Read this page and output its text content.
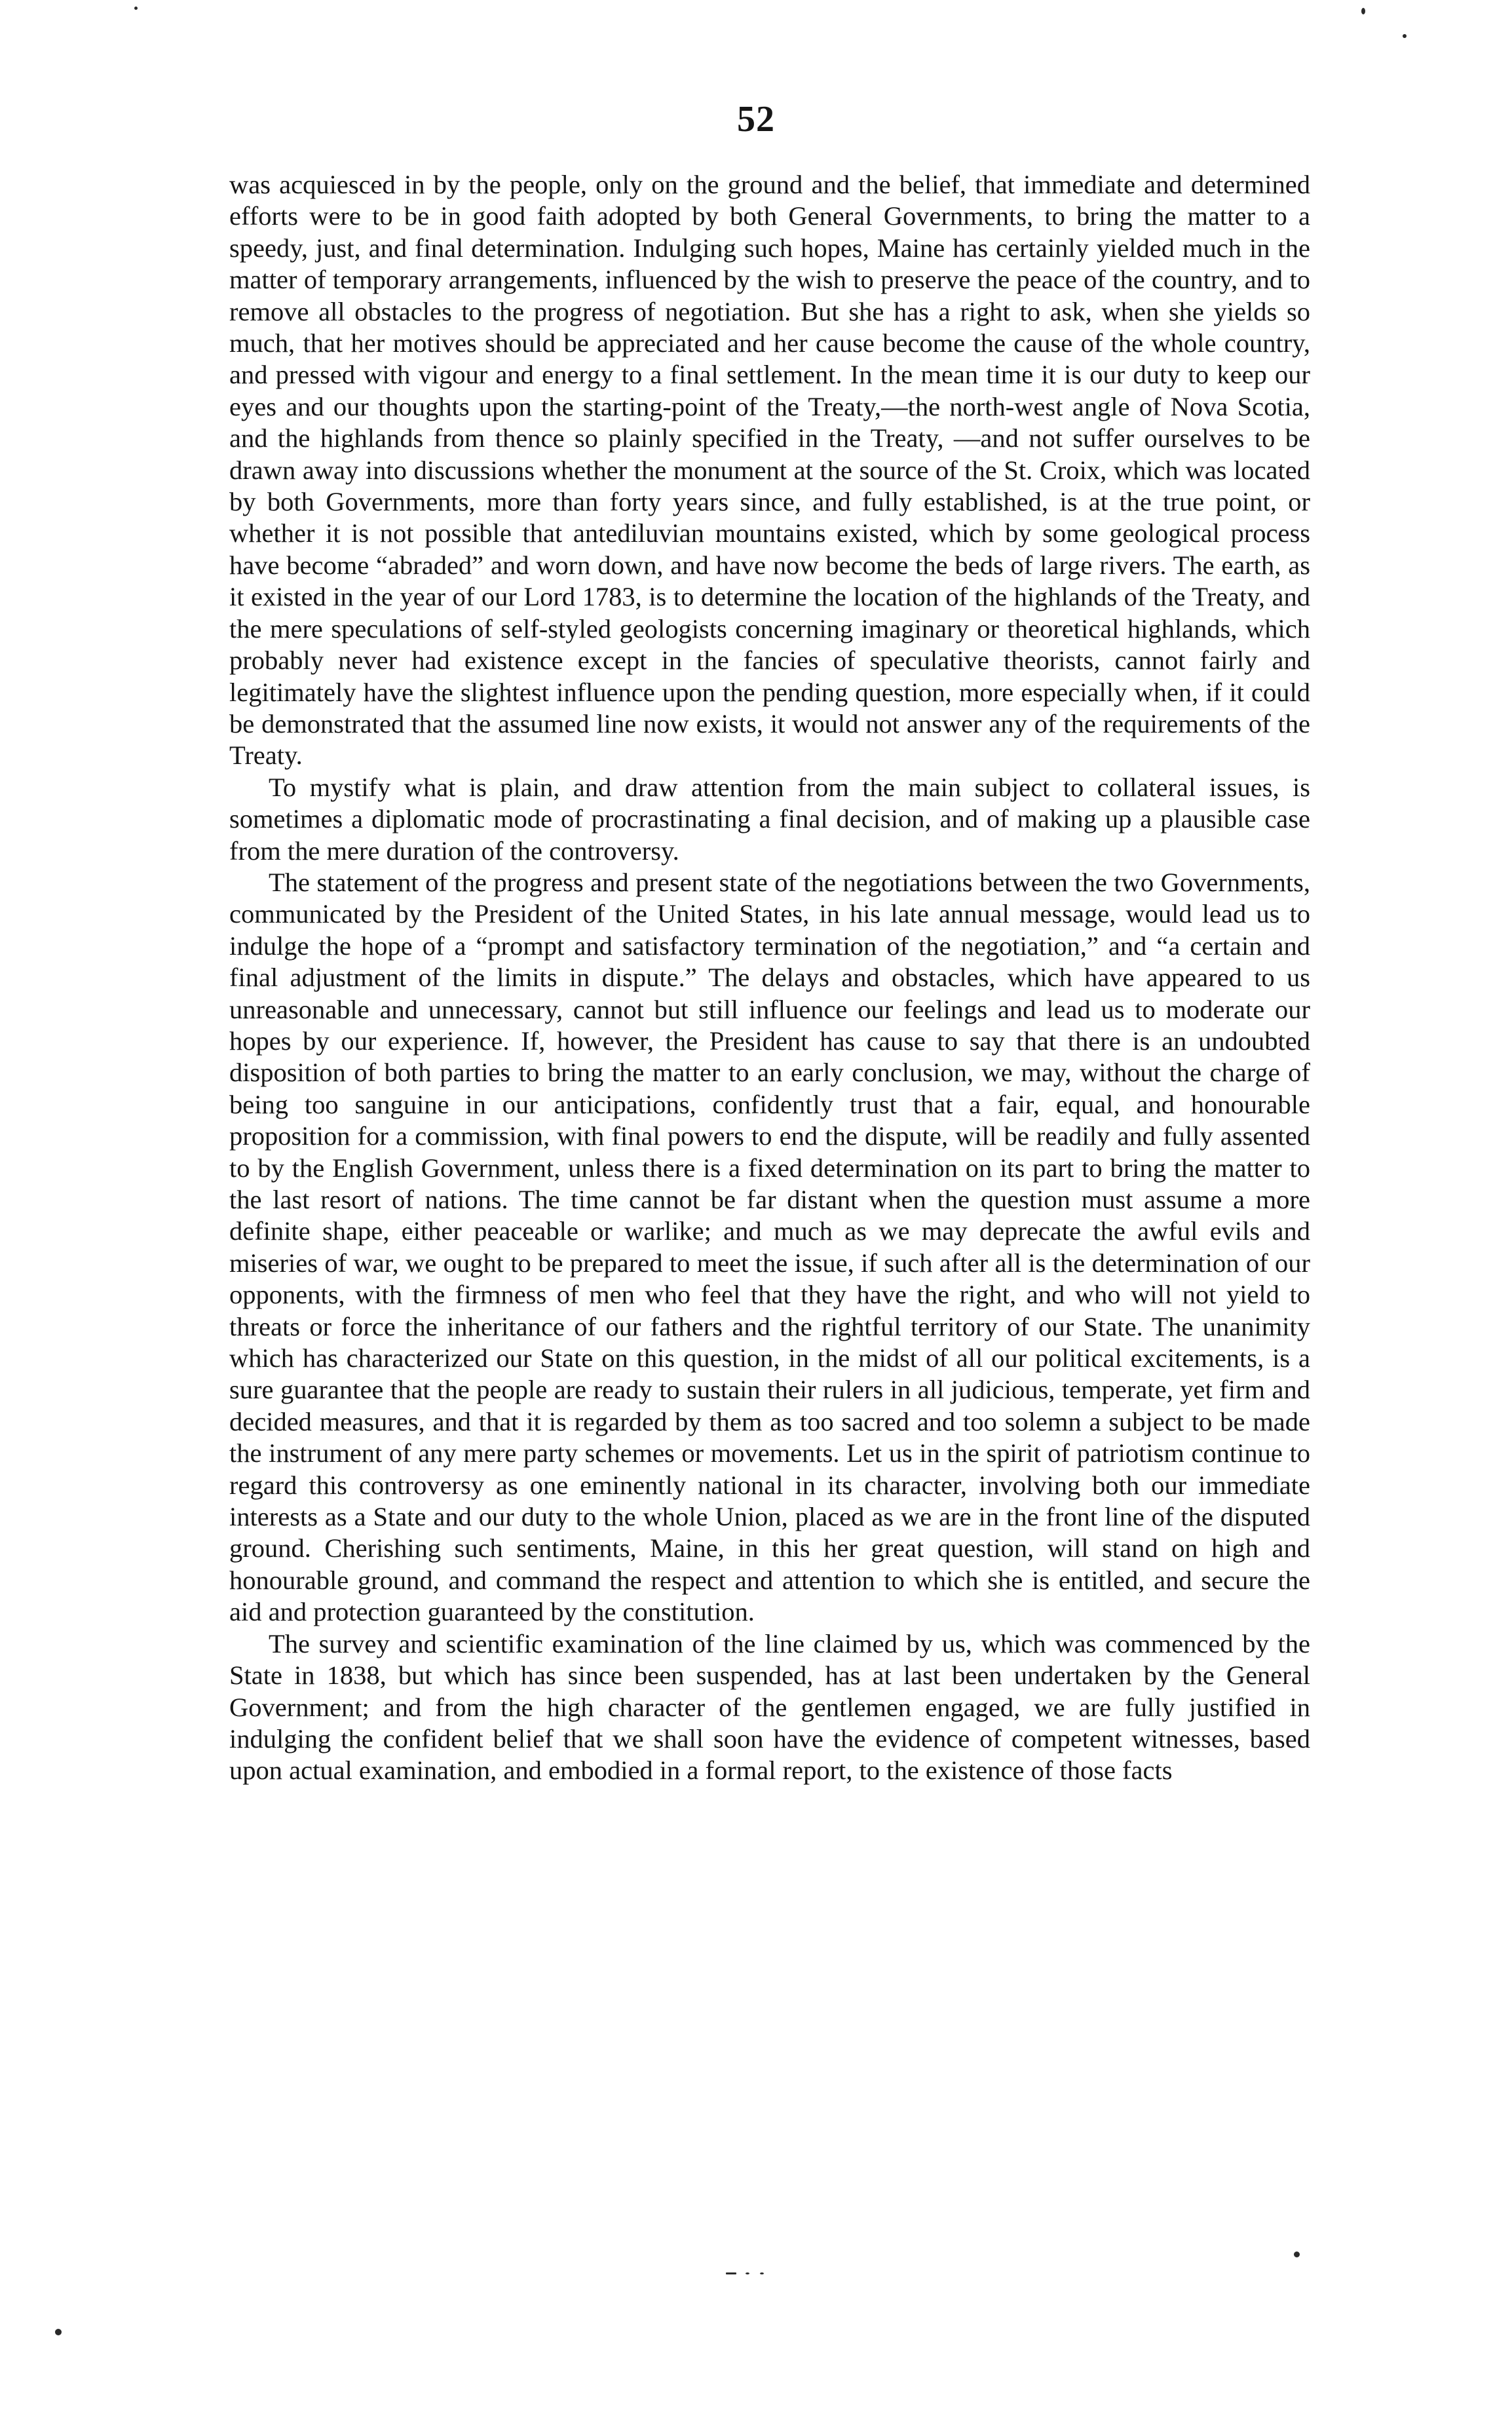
52

was acquiesced in by the people, only on the ground and the belief, that immediate and determined efforts were to be in good faith adopted by both General Governments, to bring the matter to a speedy, just, and final determination. Indulging such hopes, Maine has certainly yielded much in the matter of temporary arrangements, influenced by the wish to preserve the peace of the country, and to remove all obstacles to the progress of negotiation. But she has a right to ask, when she yields so much, that her motives should be appreciated and her cause become the cause of the whole country, and pressed with vigour and energy to a final settlement. In the mean time it is our duty to keep our eyes and our thoughts upon the starting-point of the Treaty,—the north-west angle of Nova Scotia, and the highlands from thence so plainly specified in the Treaty, —and not suffer ourselves to be drawn away into discussions whether the monument at the source of the St. Croix, which was located by both Governments, more than forty years since, and fully established, is at the true point, or whether it is not possible that antediluvian mountains existed, which by some geological process have become “abraded” and worn down, and have now become the beds of large rivers. The earth, as it existed in the year of our Lord 1783, is to determine the location of the highlands of the Treaty, and the mere speculations of self-styled geologists concerning imaginary or theoretical highlands, which probably never had existence except in the fancies of speculative theorists, cannot fairly and legitimately have the slightest influence upon the pending question, more especially when, if it could be demonstrated that the assumed line now exists, it would not answer any of the requirements of the Treaty.

To mystify what is plain, and draw attention from the main subject to collateral issues, is sometimes a diplomatic mode of procrastinating a final decision, and of making up a plausible case from the mere duration of the controversy.

The statement of the progress and present state of the negotiations between the two Governments, communicated by the President of the United States, in his late annual message, would lead us to indulge the hope of a “prompt and satisfactory termination of the negotiation,” and “a certain and final adjustment of the limits in dispute.” The delays and obstacles, which have appeared to us unreasonable and unnecessary, cannot but still influence our feelings and lead us to moderate our hopes by our experience. If, however, the President has cause to say that there is an undoubted disposition of both parties to bring the matter to an early conclusion, we may, without the charge of being too sanguine in our anticipations, confidently trust that a fair, equal, and honourable proposition for a commission, with final powers to end the dispute, will be readily and fully assented to by the English Government, unless there is a fixed determination on its part to bring the matter to the last resort of nations. The time cannot be far distant when the question must assume a more definite shape, either peaceable or warlike; and much as we may deprecate the awful evils and miseries of war, we ought to be prepared to meet the issue, if such after all is the determination of our opponents, with the firmness of men who feel that they have the right, and who will not yield to threats or force the inheritance of our fathers and the rightful territory of our State. The unanimity which has characterized our State on this question, in the midst of all our political excitements, is a sure guarantee that the people are ready to sustain their rulers in all judicious, temperate, yet firm and decided measures, and that it is regarded by them as too sacred and too solemn a subject to be made the instrument of any mere party schemes or movements. Let us in the spirit of patriotism continue to regard this controversy as one eminently national in its character, involving both our immediate interests as a State and our duty to the whole Union, placed as we are in the front line of the disputed ground. Cherishing such sentiments, Maine, in this her great question, will stand on high and honourable ground, and command the respect and attention to which she is entitled, and secure the aid and protection guaranteed by the constitution.

The survey and scientific examination of the line claimed by us, which was commenced by the State in 1838, but which has since been suspended, has at last been undertaken by the General Government; and from the high character of the gentlemen engaged, we are fully justified in indulging the confident belief that we shall soon have the evidence of competent witnesses, based upon actual examination, and embodied in a formal report, to the existence of those facts
